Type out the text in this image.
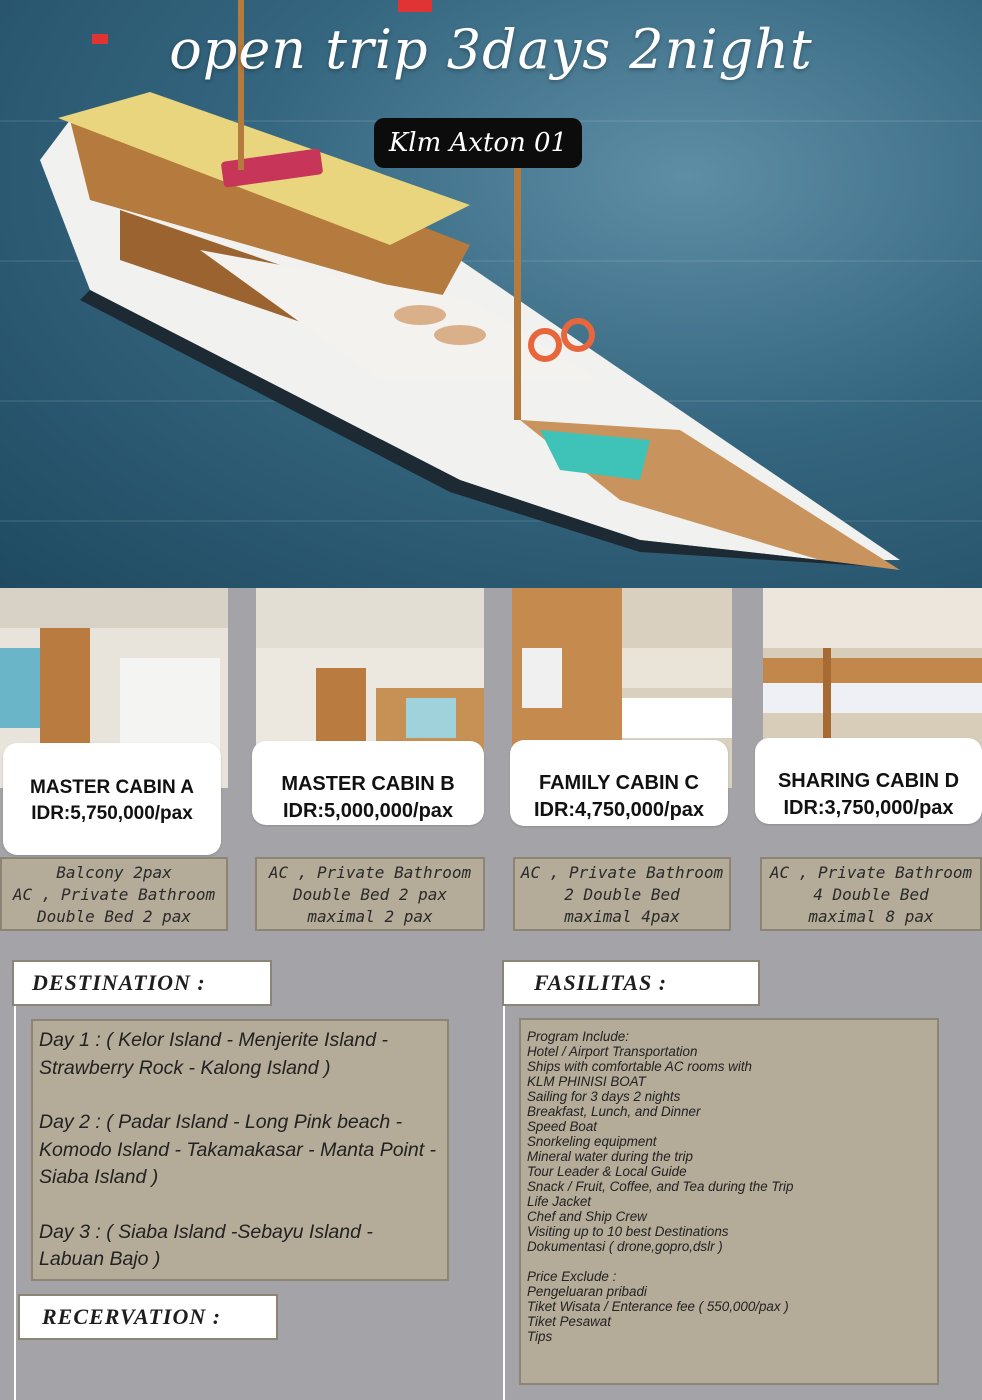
open trip 3days 2night
Klm Axton 01
MASTER CABIN A
IDR:5,750,000/pax
MASTER CABIN B
IDR:5,000,000/pax
FAMILY CABIN C
IDR:4,750,000/pax
SHARING CABIN D
IDR:3,750,000/pax
Balcony 2pax
AC , Private Bathroom
Double Bed 2 pax
AC , Private Bathroom
Double Bed 2 pax
maximal 2 pax
AC , Private Bathroom
2 Double Bed
maximal 4pax
AC , Private Bathroom
4 Double Bed
maximal 8 pax
DESTINATION :

Day 1 : ( Kelor Island - Menjerite Island - Strawberry Rock - Kalong Island )

Day 2 : ( Padar Island - Long Pink beach - Komodo Island - Takamakasar - Manta Point - Siaba Island )

Day 3 : ( Siaba Island -Sebayu Island - Labuan Bajo )

RECERVATION :
FASILITAS :
Program Include:
Hotel / Airport Transportation
Ships with comfortable AC rooms with
KLM PHINISI BOAT
Sailing for 3 days 2 nights
Breakfast, Lunch, and Dinner
Speed Boat
Snorkeling equipment
Mineral water during the trip
Tour Leader & Local Guide
Snack / Fruit, Coffee, and Tea during the Trip
Life Jacket
Chef and Ship Crew
Visiting up to 10 best Destinations
Dokumentasi ( drone,gopro,dslr )
Price Exclude :
Pengeluaran pribadi
Tiket Wisata / Enterance fee ( 550,000/pax )
Tiket Pesawat
Tips
